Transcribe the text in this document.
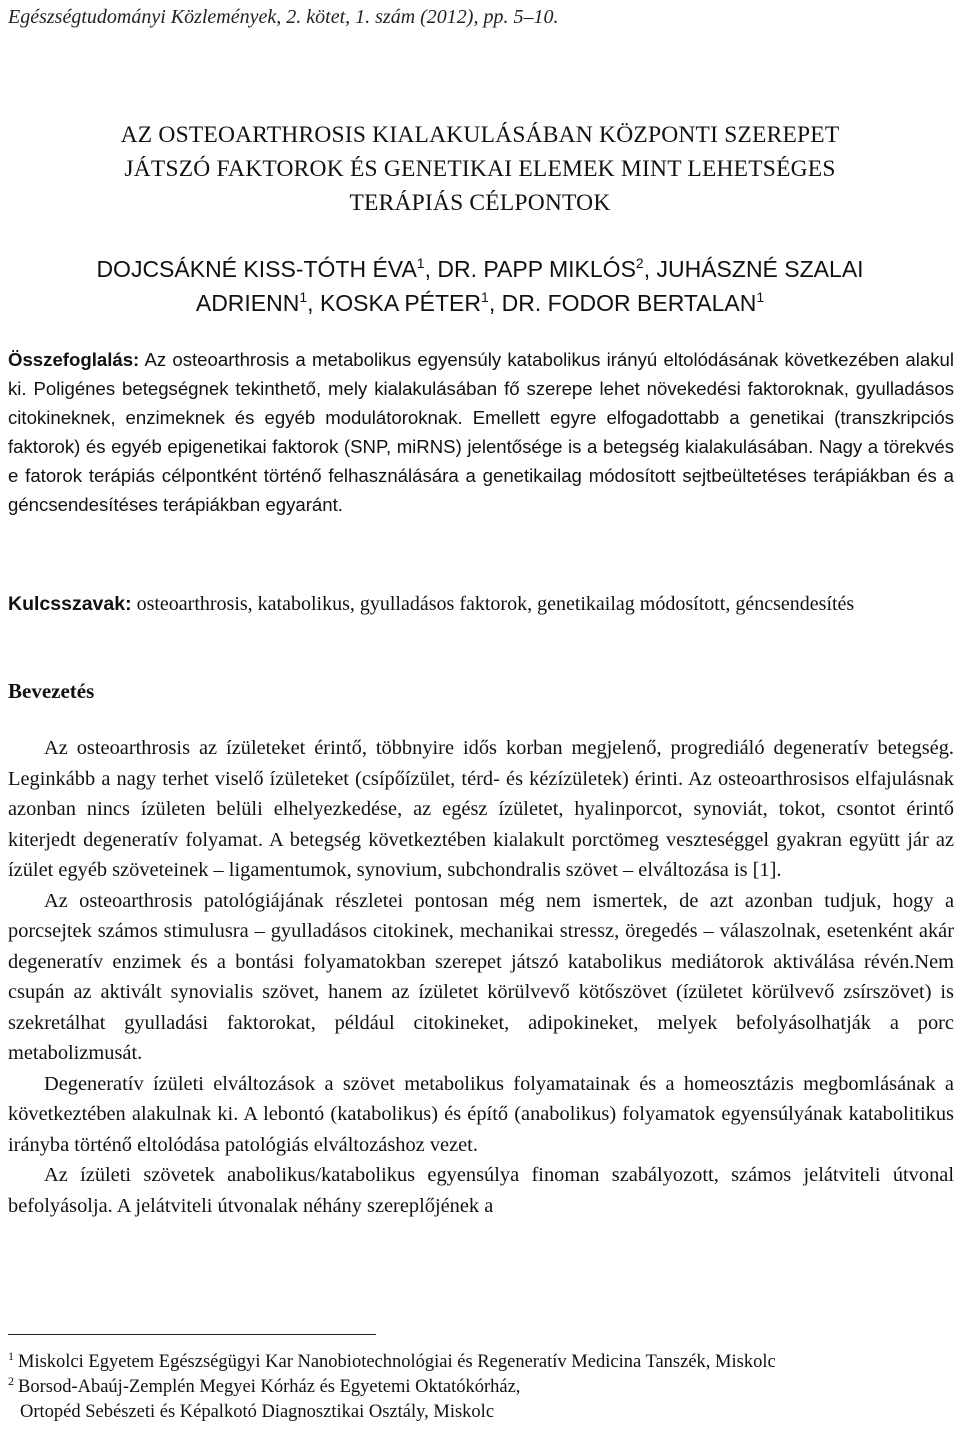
Egészségtudományi Közlemények, 2. kötet, 1. szám (2012), pp. 5–10.
AZ OSTEOARTHROSIS KIALAKULÁSÁBAN KÖZPONTI SZEREPET
JÁTSZÓ FAKTOROK ÉS GENETIKAI ELEMEK MINT LEHETSÉGES
TERÁPIÁS CÉLPONTOK
DOJCSÁKNÉ KISS-TÓTH ÉVA$^1$, DR. PAPP MIKLÓS$^2$, JUHÁSZNÉ SZALAI
ADRIENN$^1$, KOSKA PÉTER$^1$, DR. FODOR BERTALAN$^1$

Összefoglalás: Az osteoarthrosis a metabolikus egyensúly katabolikus irányú eltolódásának következében alakul ki. Poligénes betegségnek tekinthető, mely kialakulásában fő szerepe lehet növekedési faktoroknak, gyulladásos citokineknek, enzimeknek és egyéb modulátoroknak. Emellett egyre elfogadottabb a genetikai (transzkripciós faktorok) és egyéb epigenetikai faktorok (SNP, miRNS) jelentősége is a betegség kialakulásában. Nagy a törekvés e fatorok terápiás célpontként történő felhasználására a genetikailag módosított sejtbeültetéses terápiákban és a géncsendesítéses terápiákban egyaránt.

Kulcsszavak: osteoarthrosis, katabolikus, gyulladásos faktorok, genetikailag módosított, géncsendesítés

Bevezetés

Az osteoarthrosis az ízületeket érintő, többnyire idős korban megjelenő, progrediáló degeneratív betegség. Leginkább a nagy terhet viselő ízületeket (csípőízület, térd- és kézízületek) érinti. Az osteoarthrosisos elfajulásnak azonban nincs ízületen belüli elhelyezkedése, az egész ízületet, hyalinporcot, synoviát, tokot, csontot érintő kiterjedt degeneratív folyamat. A betegség következtében kialakult porctömeg veszteséggel gyakran együtt jár az ízület egyéb szöveteinek – ligamentumok, synovium, subchondralis szövet – elváltozása is [1].

Az osteoarthrosis patológiájának részletei pontosan még nem ismertek, de azt azonban tudjuk, hogy a porcsejtek számos stimulusra – gyulladásos citokinek, mechanikai stressz, öregedés – válaszolnak, esetenként akár degeneratív enzimek és a bontási folyamatokban szerepet játszó katabolikus mediátorok aktiválása révén.Nem csupán az aktivált synovialis szövet, hanem az ízületet körülvevő kötőszövet (ízületet körülvevő zsírszövet) is szekretálhat gyulladási faktorokat, például citokineket, adipokineket, melyek befolyásolhatják a porc metabolizmusát.

Degeneratív ízületi elváltozások a szövet metabolikus folyamatainak és a homeosztázis megbomlásának a következtében alakulnak ki. A lebontó (katabolikus) és építő (anabolikus) folyamatok egyensúlyának katabolitikus irányba történő eltolódása patológiás elváltozáshoz vezet.

Az ízületi szövetek anabolikus/katabolikus egyensúlya finoman szabályozott, számos jelátviteli útvonal befolyásolja. A jelátviteli útvonalak néhány szereplőjének a

$^1$ Miskolci Egyetem Egészségügyi Kar Nanobiotechnológiai és Regeneratív Medicina Tanszék, Miskolc
$^2$ Borsod-Abaúj-Zemplén Megyei Kórház és Egyetemi Oktatókórház,
Ortopéd Sebészeti és Képalkotó Diagnosztikai Osztály, Miskolc
